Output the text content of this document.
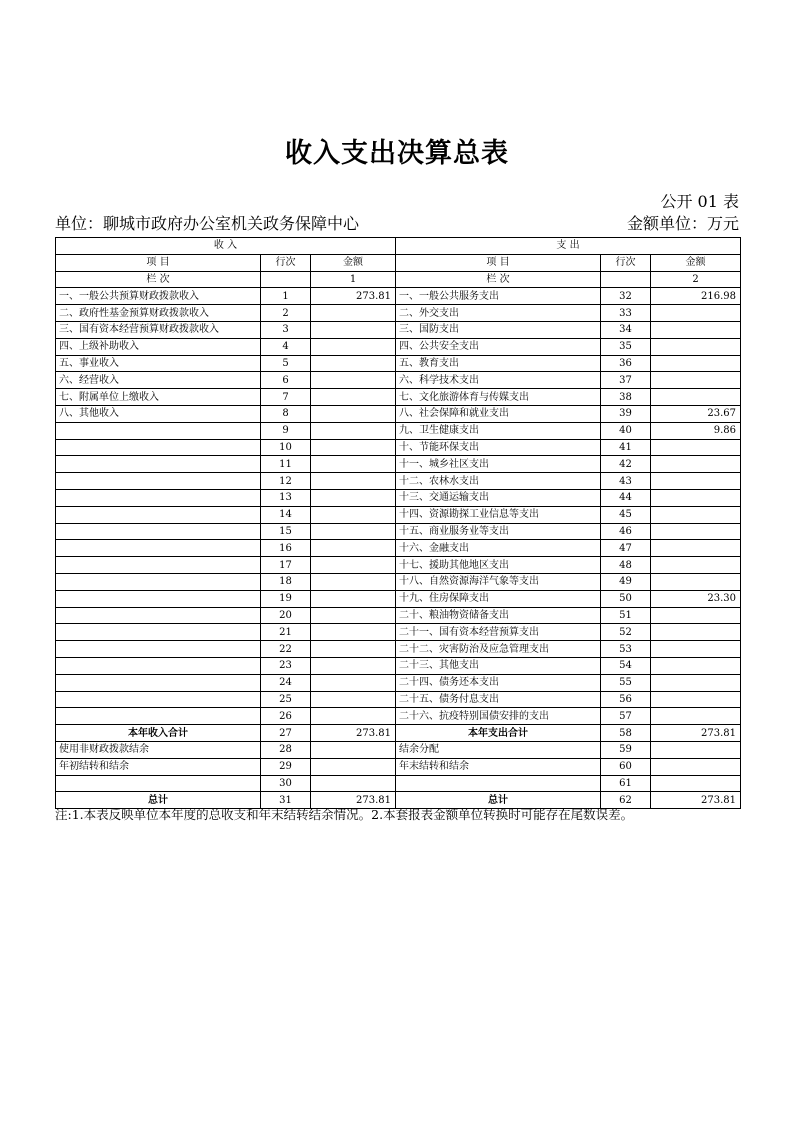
收入支出决算总表
公开 01 表
单位：聊城市政府办公室机关政务保障中心	金额单位：万元
收 入			支 出		
项 目	行次	金额	项 目	行次	金额
栏 次		1	栏 次		2
一、一般公共预算财政拨款收入	1	273.81	一、一般公共服务支出	32	216.98
二、政府性基金预算财政拨款收入	2		二、外交支出	33	
三、国有资本经营预算财政拨款收入	3		三、国防支出	34	
四、上级补助收入	4		四、公共安全支出	35	
五、事业收入	5		五、教育支出	36	
六、经营收入	6		六、科学技术支出	37	
七、附属单位上缴收入	7		七、文化旅游体育与传媒支出	38	
八、其他收入	8		八、社会保障和就业支出	39	23.67
	9		九、卫生健康支出	40	9.86
	10		十、节能环保支出	41	
	11		十一、城乡社区支出	42	
	12		十二、农林水支出	43	
	13		十三、交通运输支出	44	
	14		十四、资源勘探工业信息等支出	45	
	15		十五、商业服务业等支出	46	
	16		十六、金融支出	47	
	17		十七、援助其他地区支出	48	
	18		十八、自然资源海洋气象等支出	49	
	19		十九、住房保障支出	50	23.30
	20		二十、粮油物资储备支出	51	
	21		二十一、国有资本经营预算支出	52	
	22		二十二、灾害防治及应急管理支出	53	
	23		二十三、其他支出	54	
	24		二十四、债务还本支出	55	
	25		二十五、债务付息支出	56	
	26		二十六、抗疫特别国债安排的支出	57	
本年收入合计	27	273.81	本年支出合计	58	273.81
使用非财政拨款结余	28		结余分配	59	
年初结转和结余	29		年末结转和结余	60	
	30			61	
总计	31	273.81	总计	62	273.81
注:1.本表反映单位本年度的总收支和年末结转结余情况。2.本套报表金额单位转换时可能存在尾数误差。
